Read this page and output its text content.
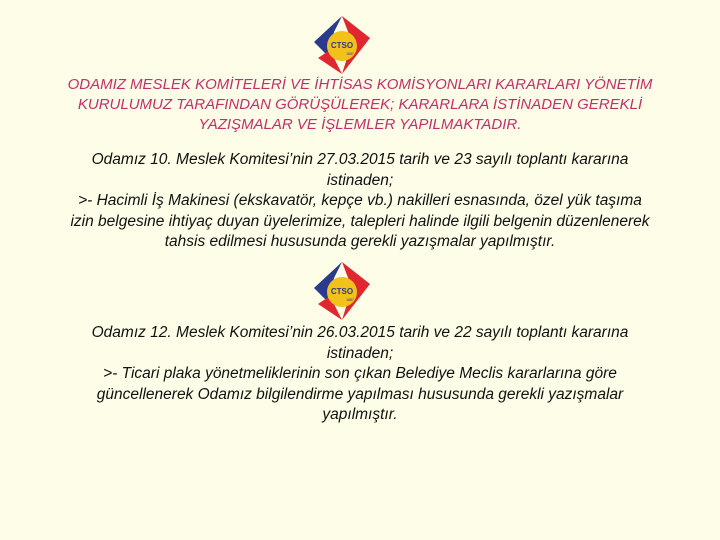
CTSO
1887
ODAMIZ MESLEK KOMİTELERİ VE İHTİSAS KOMİSYONLARI KARARLARI YÖNETİM
KURULUMUZ TARAFINDAN GÖRÜŞÜLEREK; KARARLARA İSTİNADEN GEREKLİ
YAZIŞMALAR VE İŞLEMLER YAPILMAKTADIR.

Odamız 10. Meslek Komitesi’nin 27.03.2015 tarih ve 23 sayılı toplantı kararına
istinaden;
>- Hacimli İş Makinesi (ekskavatör, kepçe vb.) nakilleri esnasında, özel yük taşıma
izin belgesine ihtiyaç duyan üyelerimize, talepleri halinde ilgili belgenin düzenlenerek
tahsis edilmesi hususunda gerekli yazışmalar yapılmıştır.

CTSO
1887

Odamız 12. Meslek Komitesi’nin 26.03.2015 tarih ve 22 sayılı toplantı kararına
istinaden;
>- Ticari plaka yönetmeliklerinin son çıkan Belediye Meclis kararlarına göre
güncellenerek Odamız bilgilendirme yapılması hususunda gerekli yazışmalar
yapılmıştır.
